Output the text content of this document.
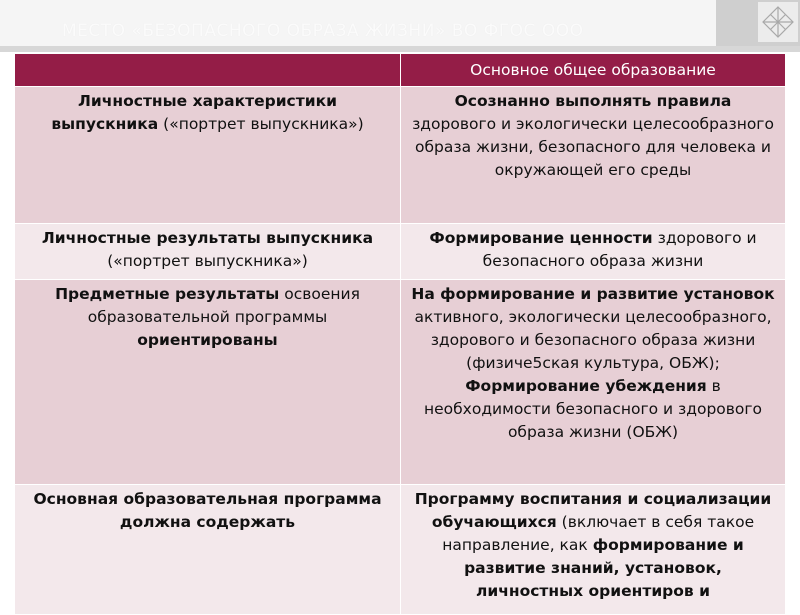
МЕСТО «БЕЗОПАСНОГО ОБРАЗА ЖИЗНИ» ВО ФГОС ООО
	Основное общее образование
Личностные характеристики выпускника («портрет выпускника»)	Осознанно выполнять правила здорового и экологически целесообразного образа жизни, безопасного для человека и окружающей его среды
Личностные результаты выпускника («портрет выпускника»)	Формирование ценности здорового и безопасного образа жизни
Предметные результаты освоения образовательной программы ориентированы	На формирование и развитие установок активного, экологически целесообразного, здорового и безопасного образа жизни (физиче5ская культура, ОБЖ); Формирование убеждения в необходимости безопасного и здорового образа жизни (ОБЖ)
Основная образовательная программа должна содержать	Программу воспитания и социализации обучающихся (включает в себя такое направление, как формирование и развитие знаний, установок, личностных ориентиров и
